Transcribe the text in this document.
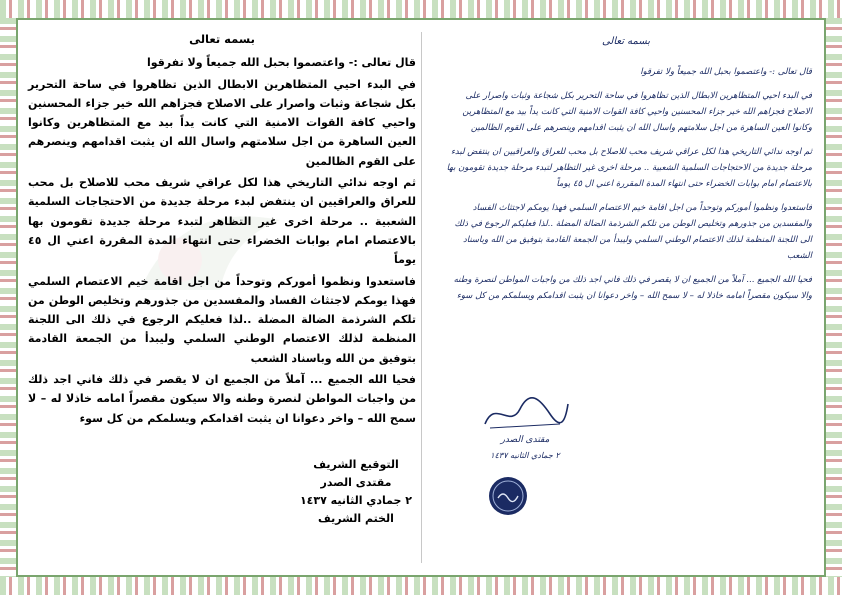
بسمه تعالى

قال تعالى :- واعتصموا بحبل الله جميعاً ولا تفرقوا

في البدء احيي المتظاهرين الابطال الذين تظاهروا في ساحة التحرير بكل شجاعة وثبات واصرار على الاصلاح فجزاهم الله خير جزاء المحسنين واحيي كافة القوات الامنية التي كانت يداً بيد مع المتظاهرين وكانوا العين الساهرة من اجل سلامتهم واسال الله ان يثبت اقدامهم وينصرهم على القوم الظالمين

ثم اوجه ندائي التاريخي هذا لكل عراقي شريف محب للاصلاح بل محب للعراق والعراقيين ان ينتفض لبدء مرحلة جديدة من الاحتجاجات السلمية الشعبية .. مرحلة اخرى غير التظاهر لتبدء مرحلة جديدة تقومون بها بالاعتصام امام بوابات الخضراء حتى انتهاء المدة المقررة اعني ال ٤٥ يوماً

فاستعدوا ونظموا أموركم وتوحداً من اجل اقامة خيم الاعتصام السلمي فهذا يومكم لاجتثاث الفساد والمفسدين من جذورهم وتخليص الوطن من تلكم الشرذمة الضالة المضلة ..لذا فعليكم الرجوع في ذلك الى اللجنة المنظمة لذلك الاعتصام الوطني السلمي وليبدأ من الجمعة القادمة بتوفيق من الله وباسناد الشعب

فحيا الله الجميع ... آملاً من الجميع ان لا يقصر في ذلك فاني اجد ذلك من واجبات المواطن لنصرة وطنه والا سيكون مقصراً امامه خاذلا له – لا سمح الله – واخر دعوانا ان يثبت اقدامكم ويسلمكم من كل سوء

التوقيع الشريف
مقتدى الصدر
٢ جمادي الثانيه ١٤٣٧
الختم الشريف
بسمه تعالى

قال تعالى :- واعتصموا بحبل الله جميعاً ولا تفرقوا

في البدء احيي المتظاهرين الابطال الذين تظاهروا في ساحة التحرير بكل شجاعة وثبات واصرار على الاصلاح فجزاهم الله خير جزاء المحسنين واحيي كافة القوات الامنية التي كانت يداً بيد مع المتظاهرين وكانوا العين الساهرة من اجل سلامتهم واسال الله ان يثبت اقدامهم وينصرهم على القوم الظالمين

ثم اوجه ندائي التاريخي هذا لكل عراقي شريف محب للاصلاح بل محب للعراق والعراقيين ان ينتفض لبدء مرحلة جديدة من الاحتجاجات السلمية الشعبية .. مرحلة اخرى غير التظاهر لتبدء مرحلة جديدة تقومون بها بالاعتصام امام بوابات الخضراء حتى انتهاء المدة المقررة اعني ال ٤٥ يوماً

فاستعدوا ونظموا أموركم وتوحداً من اجل اقامة خيم الاعتصام السلمي فهذا يومكم لاجتثاث الفساد والمفسدين من جذورهم وتخليص الوطن من تلكم الشرذمة الضالة المضلة ..لذا فعليكم الرجوع في ذلك الى اللجنة المنظمة لذلك الاعتصام الوطني السلمي وليبدأ من الجمعة القادمة بتوفيق من الله وباسناد الشعب

فحيا الله الجميع ... آملاً من الجميع ان لا يقصر في ذلك فاني اجد ذلك من واجبات المواطن لنصرة وطنه والا سيكون مقصراً امامه خاذلا له – لا سمح الله – واخر دعوانا ان يثبت اقدامكم ويسلمكم من كل سوء

مقتدى الصدر
٢ جمادي الثانيه ١٤٣٧
